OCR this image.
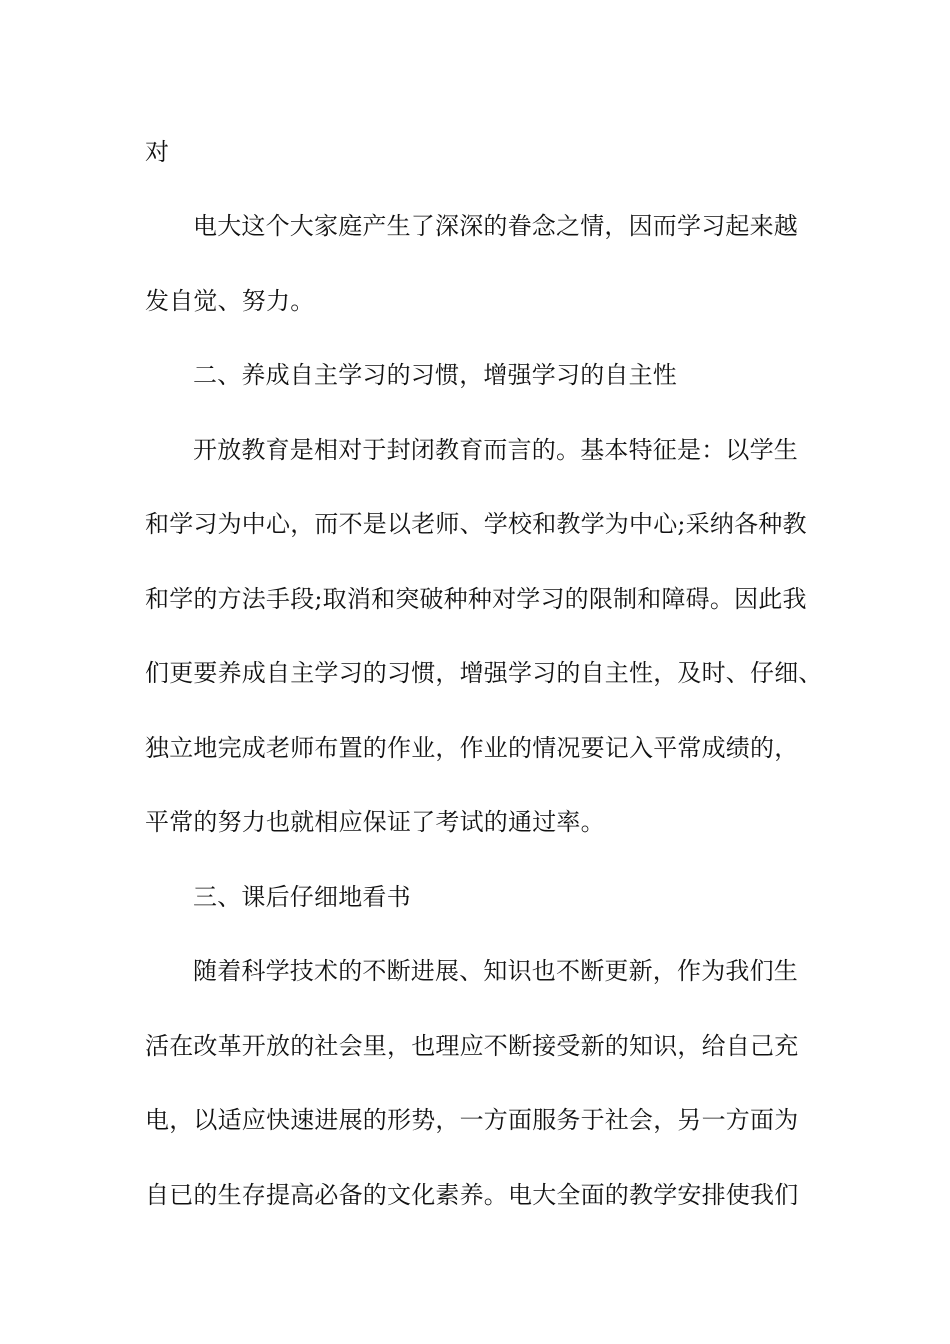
对
电大这个大家庭产生了深深的眷念之情，因而学习起来越
发自觉、努力。
二、养成自主学习的习惯，增强学习的自主性
开放教育是相对于封闭教育而言的。基本特征是：以学生
和学习为中心，而不是以老师、学校和教学为中心;采纳各种教
和学的方法手段;取消和突破种种对学习的限制和障碍。因此我
们更要养成自主学习的习惯，增强学习的自主性，及时、仔细、
独立地完成老师布置的作业，作业的情况要记入平常成绩的，
平常的努力也就相应保证了考试的通过率。
三、课后仔细地看书
随着科学技术的不断进展、知识也不断更新，作为我们生
活在改革开放的社会里，也理应不断接受新的知识，给自己充
电，以适应快速进展的形势，一方面服务于社会，另一方面为
自已的生存提高必备的文化素养。电大全面的教学安排使我们
